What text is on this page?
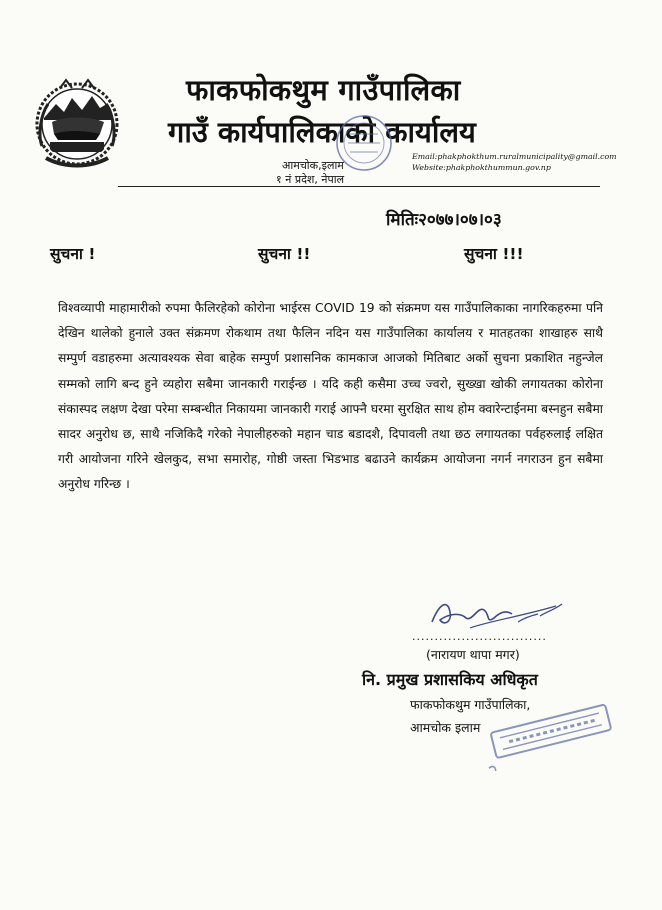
फाकफोकथुम गाउँपालिका
गाउँ कार्यपालिकाको कार्यालय
आमचोक,इलाम
१ नं प्रदेश, नेपाल
Email:phakphokthum.ruralmunicipality@gmail.com
Website:phakphokthummun.gov.np
मितिः२०७७।०७।०३
सुचना !	सुचना !!	सुचना !!!
विश्वव्यापी माहामारीको रुपमा फैलिरहेको कोरोना भाईरस COVID 19 को संक्रमण यस गाउँपालिकाका नागरिकहरुमा पनि देखिन थालेको हुनाले उक्त संक्रमण रोकथाम तथा फैलिन नदिन यस गाउँपालिका कार्यालय र मातहतका शाखाहरु साथै सम्पुर्ण वडाहरुमा अत्यावश्यक सेवा बाहेक सम्पुर्ण प्रशासनिक कामकाज आजको मितिबाट अर्को सुचना प्रकाशित नहुन्जेल सम्मको लागि बन्द हुने व्यहोरा सबैमा जानकारी गराईन्छ । यदि कही कसैमा उच्च ज्वरो, सुख्खा खोकी लगायतका कोरोना संकास्पद लक्षण देखा परेमा सम्बन्धीत निकायमा जानकारी गराई आफ्नै घरमा सुरक्षित साथ होम क्वारेन्टाईनमा बस्नहुन सबैमा सादर अनुरोध छ, साथै नजिकिदै गरेको नेपालीहरुको महान चाड बडादशै, दिपावली तथा छठ लगायतका पर्वहरुलाई लक्षित गरी आयोजना गरिने खेलकुद, सभा समारोह, गोष्ठी जस्ता भिडभाड बढाउने कार्यक्रम आयोजना नगर्न नगराउन हुन सबैमा अनुरोध गरिन्छ ।
..............................
(नारायण थापा मगर)
नि. प्रमुख प्रशासकिय अधिकृत
फाकफोकथुम गाउँपालिका,
आमचोक इलाम
